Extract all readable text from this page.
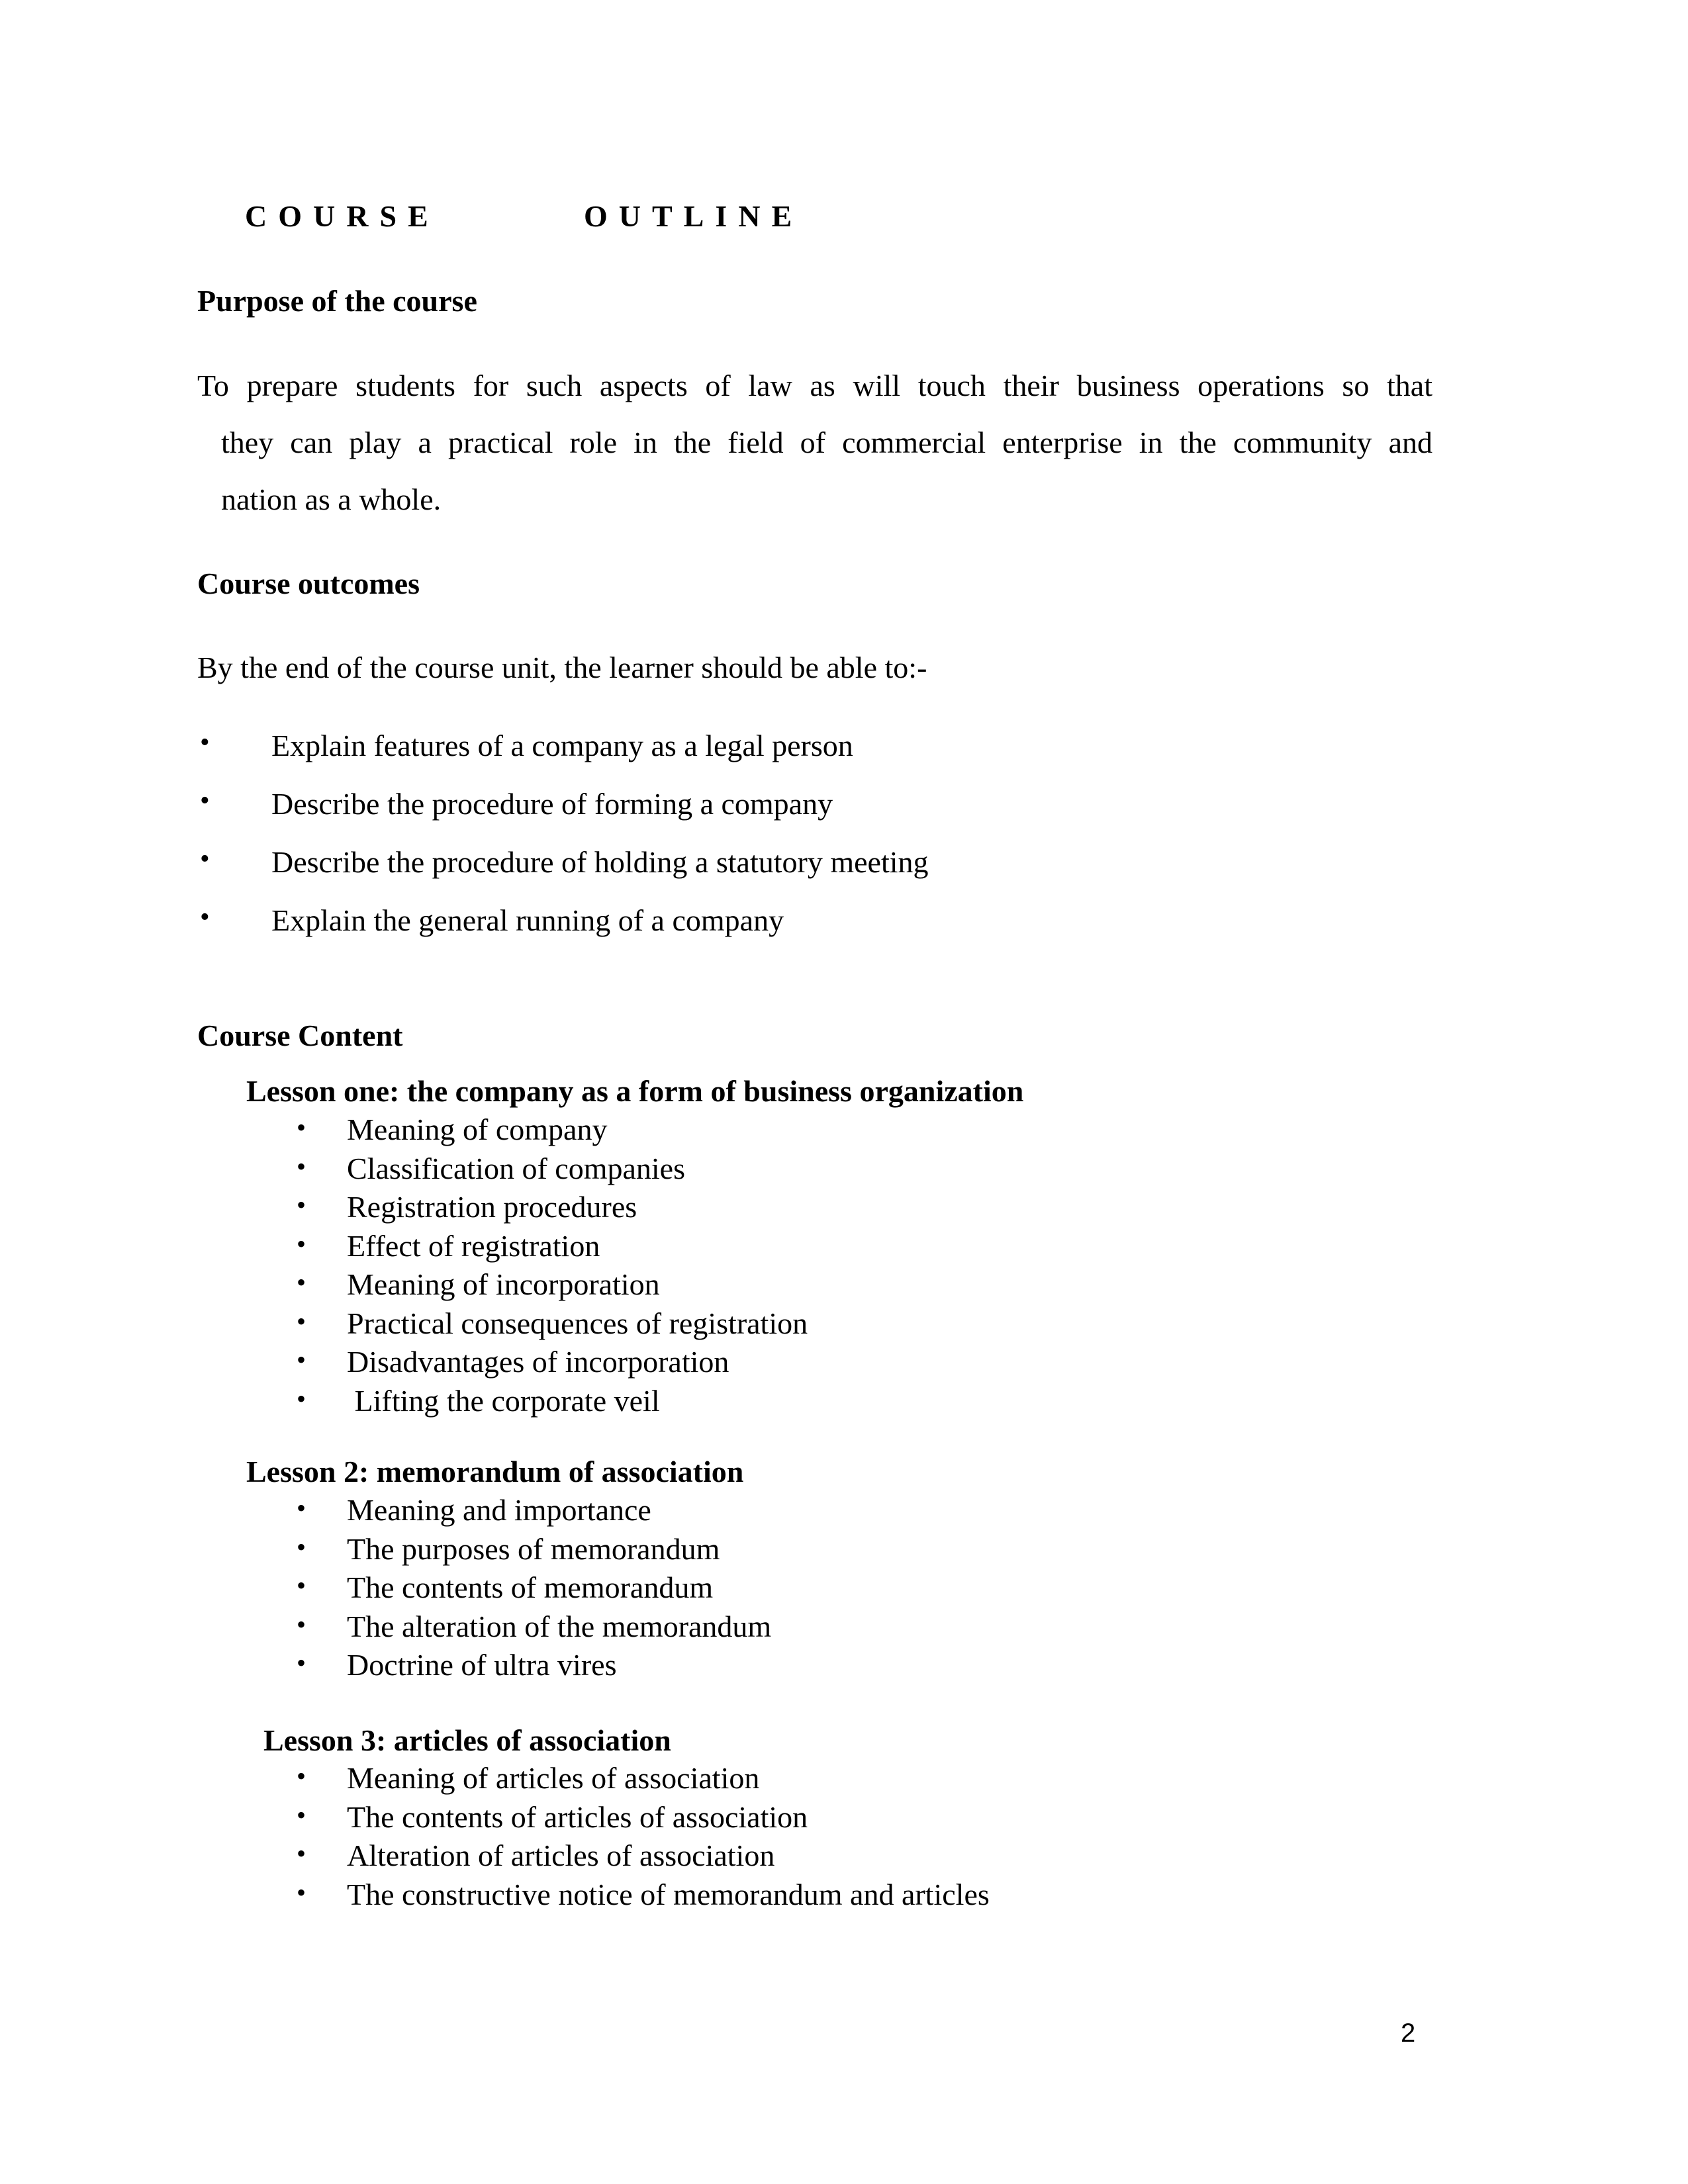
COURSE	OUTLINE
Purpose of the course
To prepare students for such aspects of law as will touch their business operations so that
they can play a practical role in the field of commercial enterprise in the community and
nation as a whole.
Course outcomes
By the end of the course unit, the learner should be able to:-
• Explain features of a company as a legal person
• Describe the procedure of forming a company
• Describe the procedure of holding a statutory meeting
• Explain the general running of a company
Course Content
Lesson one: the company as a form of business organization
• Meaning of company
• Classification of companies
• Registration procedures
• Effect of registration
• Meaning of incorporation
• Practical consequences of registration
• Disadvantages of incorporation
• Lifting the corporate veil
Lesson 2: memorandum of association
• Meaning and importance
• The purposes of memorandum
• The contents of memorandum
• The alteration of the memorandum
• Doctrine of ultra vires
Lesson 3: articles of association
• Meaning of articles of association
• The contents of articles of association
• Alteration of articles of association
• The constructive notice of memorandum and articles
2
